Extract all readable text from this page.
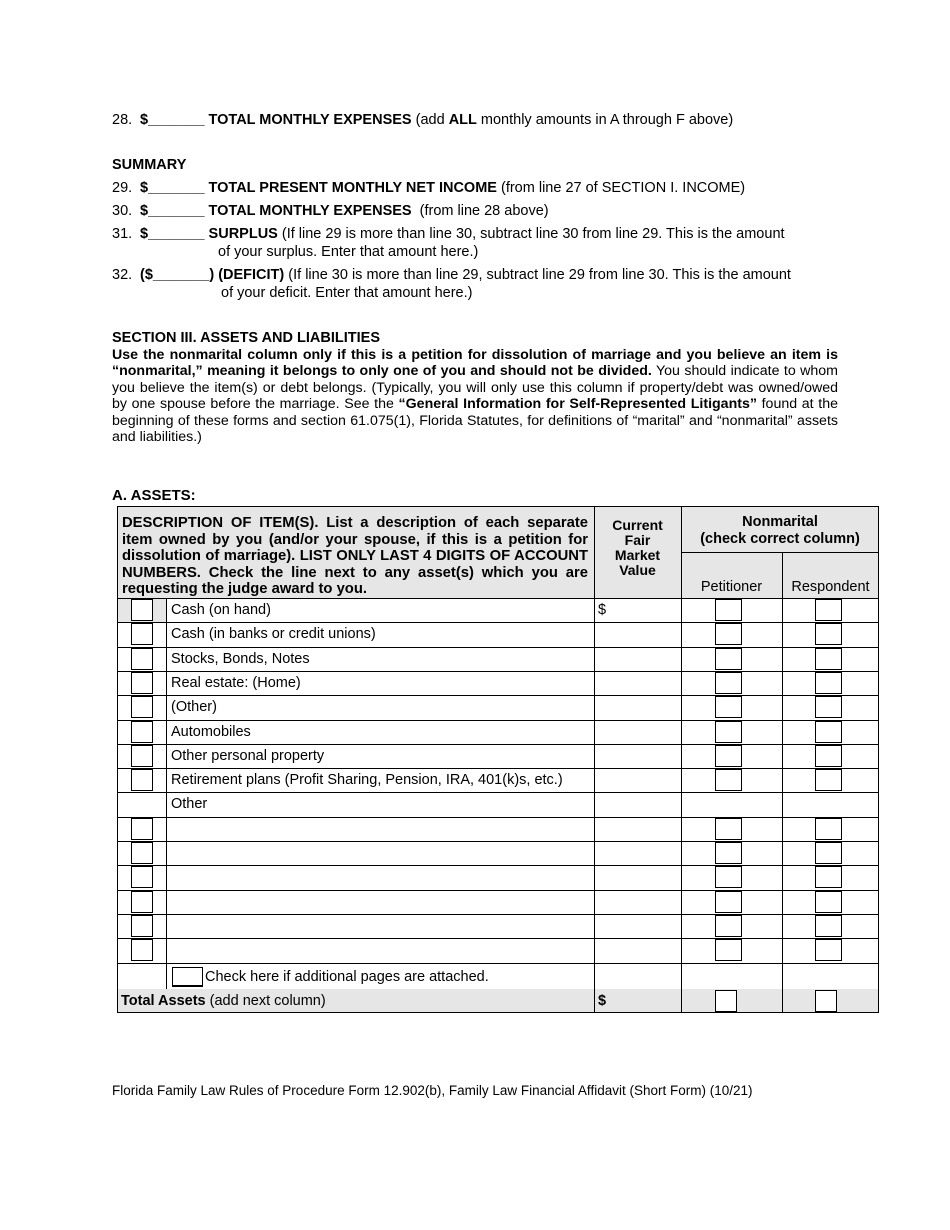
28. $_______ TOTAL MONTHLY EXPENSES (add ALL monthly amounts in A through F above)
SUMMARY
29. $_______ TOTAL PRESENT MONTHLY NET INCOME (from line 27 of SECTION I. INCOME)
30. $_______ TOTAL MONTHLY EXPENSES (from line 28 above)
31. $_______ SURPLUS (If line 29 is more than line 30, subtract line 30 from line 29. This is the amount
of your surplus. Enter that amount here.)
32. ($_______) (DEFICIT) (If line 30 is more than line 29, subtract line 29 from line 30. This is the amount
of your deficit. Enter that amount here.)
SECTION III. ASSETS AND LIABILITIES
Use the nonmarital column only if this is a petition for dissolution of marriage and you believe an item is “nonmarital,” meaning it belongs to only one of you and should not be divided. You should indicate to whom you believe the item(s) or debt belongs. (Typically, you will only use this column if property/debt was owned/owed by one spouse before the marriage. See the “General Information for Self-Represented Litigants” found at the beginning of these forms and section 61.075(1), Florida Statutes, for definitions of “marital” and “nonmarital” assets and liabilities.)
A. ASSETS:
DESCRIPTION OF ITEM(S). List a description of each separate item owned by you (and/or your spouse, if this is a petition for dissolution of marriage). LIST ONLY LAST 4 DIGITS OF ACCOUNT NUMBERS. Check the line next to any asset(s) which you are requesting the judge award to you.
Current
Fair
Market
Value
Nonmarital
(check correct column)
Petitioner	Respondent
Cash (on hand)	$
Cash (in banks or credit unions)
Stocks, Bonds, Notes
Real estate: (Home)
(Other)
Automobiles
Other personal property
Retirement plans (Profit Sharing, Pension, IRA, 401(k)s, etc.)
Other
Check here if additional pages are attached.
Total Assets (add next column)	$
Florida Family Law Rules of Procedure Form 12.902(b), Family Law Financial Affidavit (Short Form) (10/21)
